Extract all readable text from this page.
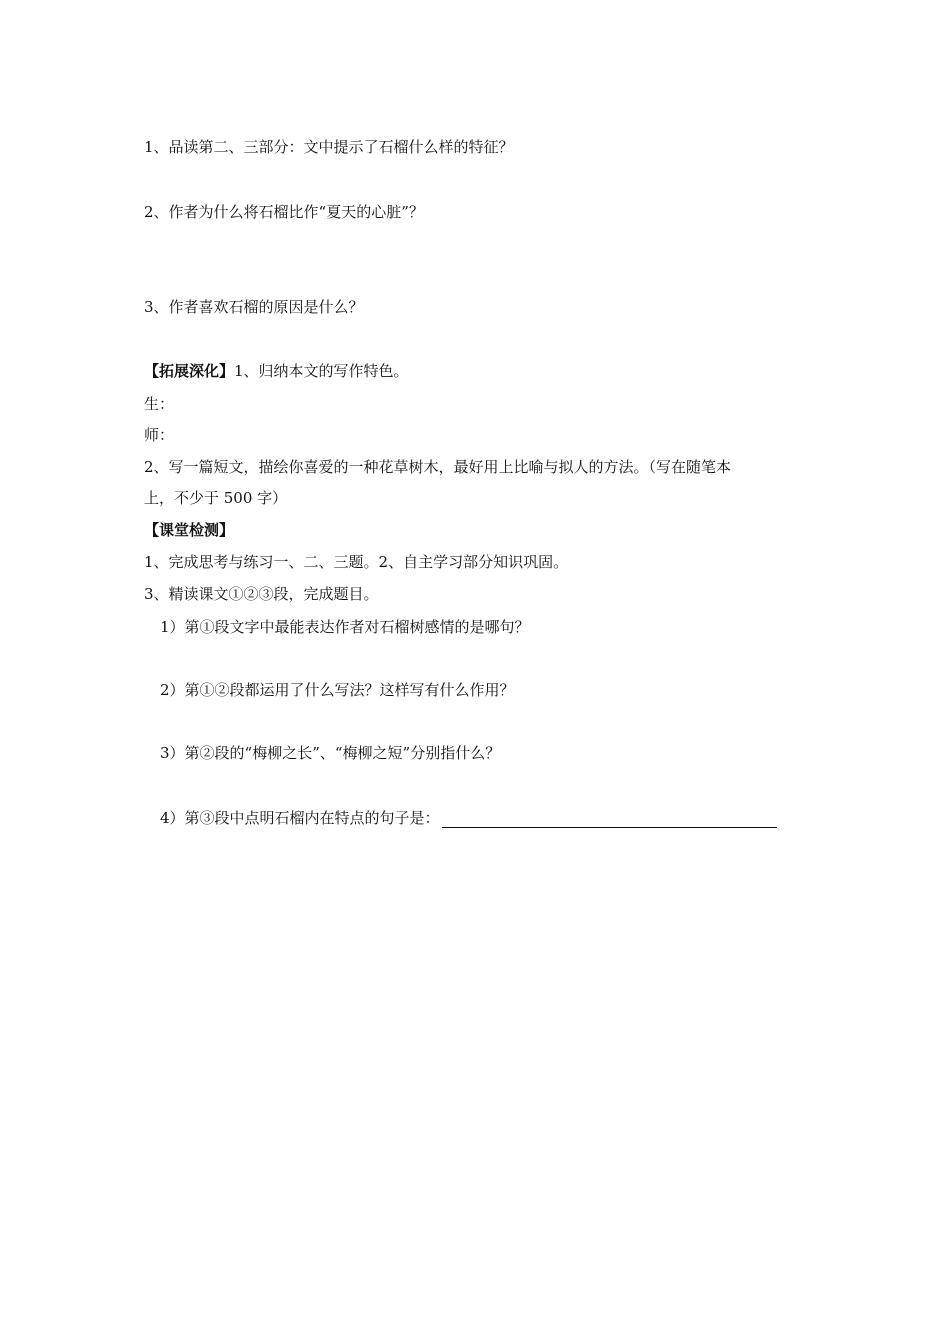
1、品读第二、三部分：文中提示了石榴什么样的特征？
2、作者为什么将石榴比作“夏天的心脏”？
3、作者喜欢石榴的原因是什么？
【拓展深化】1、归纳本文的写作特色。
生：
师：
2、写一篇短文，描绘你喜爱的一种花草树木，最好用上比喻与拟人的方法。（写在随笔本
上，不少于 500 字）
【课堂检测】
1、完成思考与练习一、二、三题。2、自主学习部分知识巩固。
3、精读课文①②③段，完成题目。
1）第①段文字中最能表达作者对石榴树感情的是哪句？
2）第①②段都运用了什么写法？这样写有什么作用？
3）第②段的“梅柳之长”、“梅柳之短”分别指什么？
4）第③段中点明石榴内在特点的句子是：
